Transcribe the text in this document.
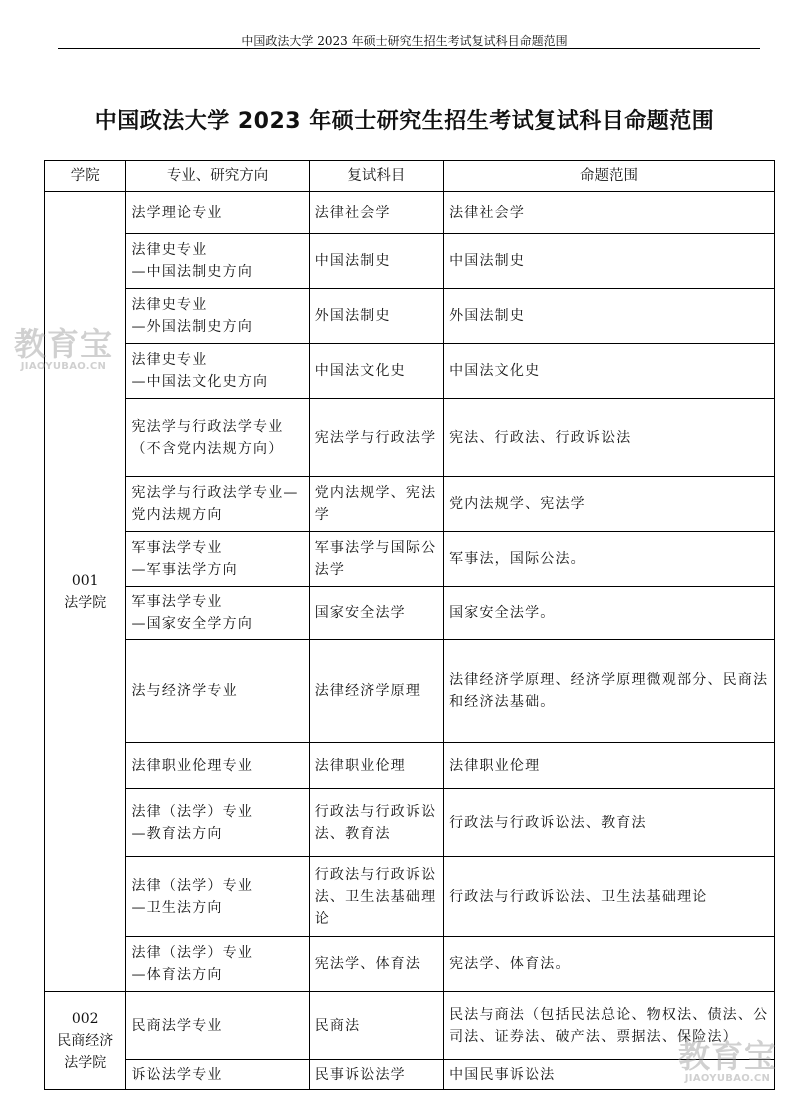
中国政法大学 2023 年硕士研究生招生考试复试科目命题范围
中国政法大学 2023 年硕士研究生招生考试复试科目命题范围
学院	专业、研究方向	复试科目	命题范围

001
法学院	法学理论专业	法律社会学	法律社会学

	法律史专业
—中国法制史方向	中国法制史	中国法制史

	法律史专业
—外国法制史方向	外国法制史	外国法制史

	法律史专业
—中国法文化史方向	中国法文化史	中国法文化史

	宪法学与行政法学专业（不含党内法规方向）	宪法学与行政法学	宪法、行政法、行政诉讼法

	宪法学与行政法学专业—党内法规方向	党内法规学、宪法学	党内法规学、宪法学

	军事法学专业
—军事法学方向	军事法学与国际公法学	军事法，国际公法。

	军事法学专业
—国家安全学方向	国家安全法学	国家安全法学。

	法与经济学专业	法律经济学原理	法律经济学原理、经济学原理微观部分、民商法和经济法基础。

	法律职业伦理专业	法律职业伦理	法律职业伦理

	法律（法学）专业
—教育法方向	行政法与行政诉讼法、教育法	行政法与行政诉讼法、教育法

	法律（法学）专业
—卫生法方向	行政法与行政诉讼法、卫生法基础理论	行政法与行政诉讼法、卫生法基础理论

	法律（法学）专业
—体育法方向	宪法学、体育法	宪法学、体育法。

002
民商经济法学院	民商法学专业	民商法	民法与商法（包括民法总论、物权法、债法、公司法、证券法、破产法、票据法、保险法）

	诉讼法学专业	民事诉讼法学	中国民事诉讼法
教育宝
JIAOYUBAO.CN
教育宝
JIAOYUBAO.CN
